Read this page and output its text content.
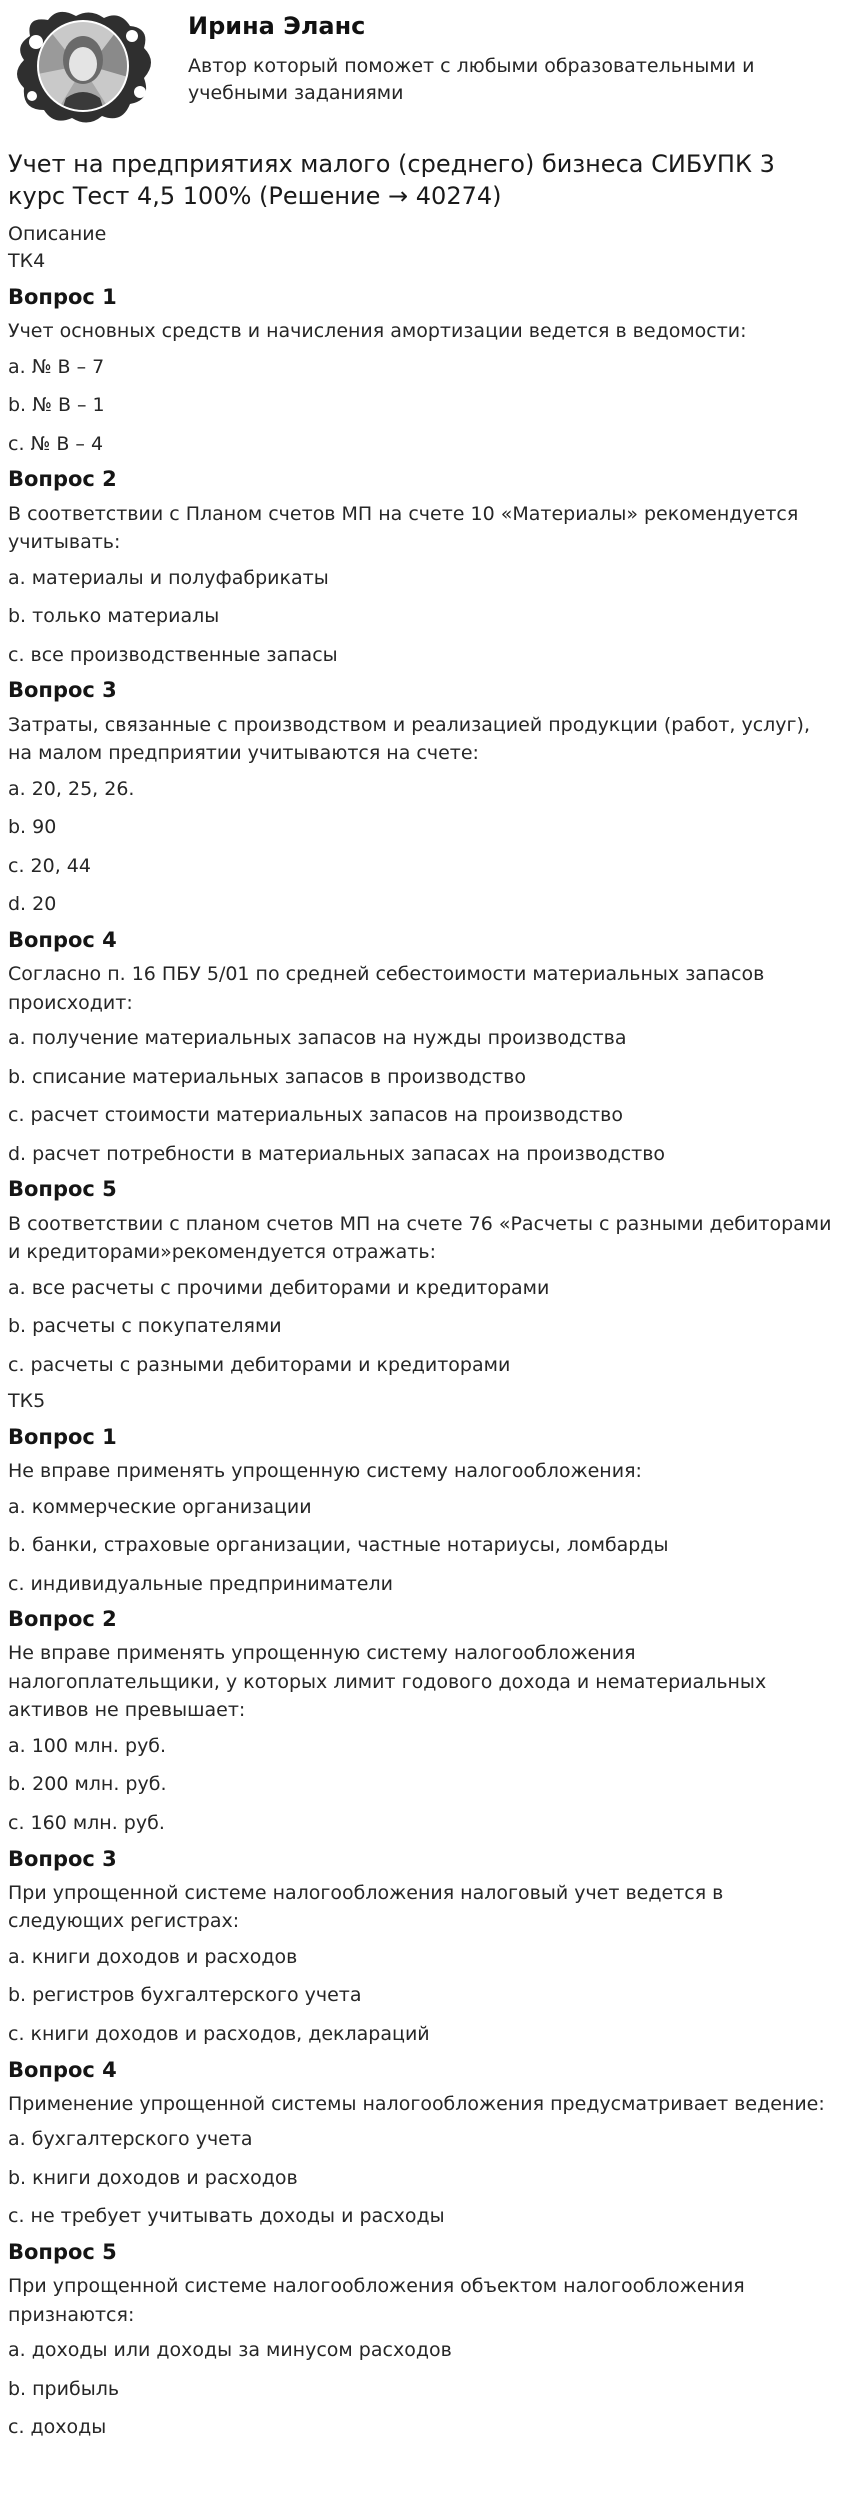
Ирина Эланс
Автор который поможет с любыми образовательными и учебными заданиями
Учет на предприятиях малого (среднего) бизнеса СИБУПК 3 курс Тест 4,5 100% (Решение → 40274)
Описание
ТК4
Вопрос 1
Учет основных средств и начисления амортизации ведется в ведомости:
a. № В – 7
b. № В – 1
c. № В – 4
Вопрос 2
В соответствии с Планом счетов МП на счете 10 «Материалы» рекомендуется учитывать:
a. материалы и полуфабрикаты
b. только материалы
c. все производственные запасы
Вопрос 3
Затраты, связанные с производством и реализацией продукции (работ, услуг), на малом предприятии учитываются на счете:
a. 20, 25, 26.
b. 90
c. 20, 44
d. 20
Вопрос 4
Согласно п. 16 ПБУ 5/01 по средней себестоимости материальных запасов происходит:
a. получение материальных запасов на нужды производства
b. списание материальных запасов в производство
c. расчет стоимости материальных запасов на производство
d. расчет потребности в материальных запасах на производство
Вопрос 5
В соответствии с планом счетов МП на счете 76 «Расчеты с разными дебиторами и кредиторами»рекомендуется отражать:
a. все расчеты с прочими дебиторами и кредиторами
b. расчеты с покупателями
c. расчеты с разными дебиторами и кредиторами
ТК5
Вопрос 1
Не вправе применять упрощенную систему налогообложения:
a. коммерческие организации
b. банки, страховые организации, частные нотариусы, ломбарды
c. индивидуальные предприниматели
Вопрос 2
Не вправе применять упрощенную систему налогообложения налогоплательщики, у которых лимит годового дохода и нематериальных активов не превышает:
a. 100 млн. руб.
b. 200 млн. руб.
c. 160 млн. руб.
Вопрос 3
При упрощенной системе налогообложения налоговый учет ведется в следующих регистрах:
a. книги доходов и расходов
b. регистров бухгалтерского учета
c. книги доходов и расходов, деклараций
Вопрос 4
Применение упрощенной системы налогообложения предусматривает ведение:
a. бухгалтерского учета
b. книги доходов и расходов
c. не требует учитывать доходы и расходы
Вопрос 5
При упрощенной системе налогообложения объектом налогообложения признаются:
a. доходы или доходы за минусом расходов
b. прибыль
c. доходы
